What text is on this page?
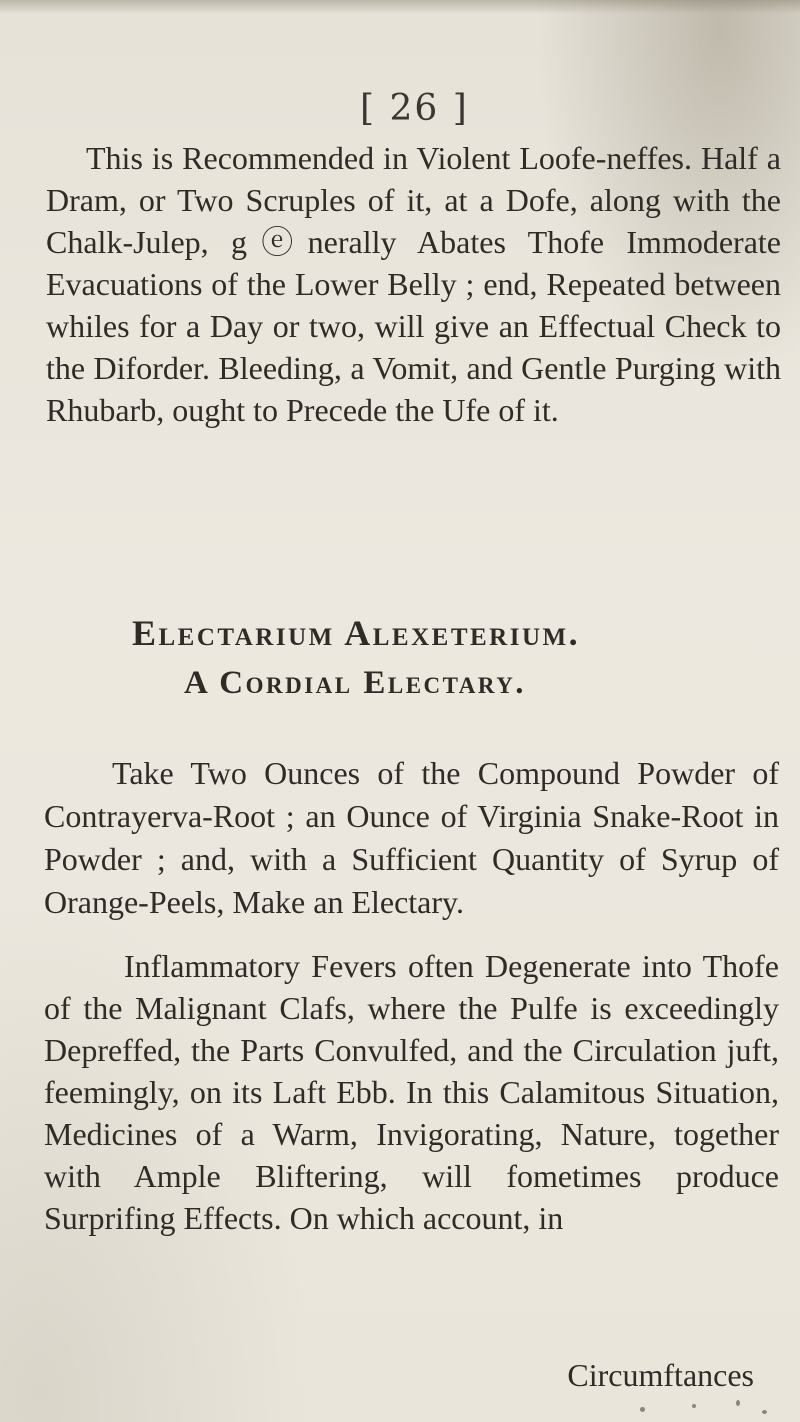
[ 26 ]

This is Recommended in Violent Loofe-neffes. Half a Dram, or Two Scruples of it, at a Dofe, along with the Chalk-Julep, gⓔnerally Abates Thofe Immoderate Evacuations of the Lower Belly ; end, Repeated between whiles for a Day or two, will give an Effectual Check to the Diforder. Bleeding, a Vomit, and Gentle Purging with Rhubarb, ought to Precede the Ufe of it.

Electarium Alexeterium.
A Cordial Electary.

Take Two Ounces of the Compound Powder of Contrayerva-Root ; an Ounce of Virginia Snake-Root in Powder ; and, with a Sufficient Quantity of Syrup of Orange-Peels, Make an Electary.

Inflammatory Fevers often Degenerate into Thofe of the Malignant Clafs, where the Pulfe is exceedingly Depreffed, the Parts Convulfed, and the Circulation juft, feemingly, on its Laft Ebb. In this Calamitous Situation, Medicines of a Warm, Invigorating, Nature, together with Ample Bliftering, will fometimes produce Surprifing Effects. On which account, in

Circumftances
